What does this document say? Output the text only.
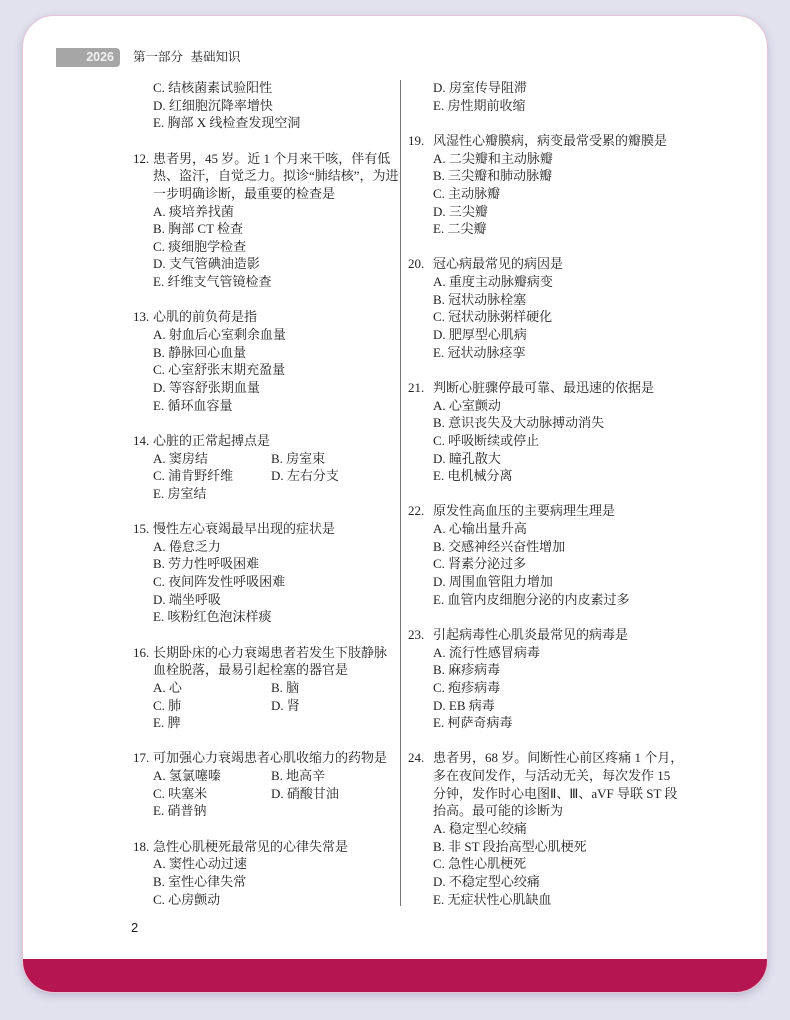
2026	第一部分 基础知识
C. 结核菌素试验阳性
D. 红细胞沉降率增快
E. 胸部 X 线检查发现空洞
12. 患者男，45 岁。近 1 个月来干咳，伴有低
热、盗汗，自觉乏力。拟诊“肺结核”，为进
一步明确诊断，最重要的检查是
A. 痰培养找菌
B. 胸部 CT 检查
C. 痰细胞学检查
D. 支气管碘油造影
E. 纤维支气管镜检查
13. 心肌的前负荷是指
A. 射血后心室剩余血量
B. 静脉回心血量
C. 心室舒张末期充盈量
D. 等容舒张期血量
E. 循环血容量
14. 心脏的正常起搏点是
A. 窦房结	B. 房室束
C. 浦肯野纤维	D. 左右分支
E. 房室结
15. 慢性左心衰竭最早出现的症状是
A. 倦怠乏力
B. 劳力性呼吸困难
C. 夜间阵发性呼吸困难
D. 端坐呼吸
E. 咳粉红色泡沫样痰
16. 长期卧床的心力衰竭患者若发生下肢静脉
血栓脱落，最易引起栓塞的器官是
A. 心	B. 脑
C. 肺	D. 肾
E. 脾
17. 可加强心力衰竭患者心肌收缩力的药物是
A. 氢氯噻嗪	B. 地高辛
C. 呋塞米	D. 硝酸甘油
E. 硝普钠
18. 急性心肌梗死最常见的心律失常是
A. 窦性心动过速
B. 室性心律失常
C. 心房颤动
D. 房室传导阻滞
E. 房性期前收缩
19. 风湿性心瓣膜病，病变最常受累的瓣膜是
A. 二尖瓣和主动脉瓣
B. 三尖瓣和肺动脉瓣
C. 主动脉瓣
D. 三尖瓣
E. 二尖瓣
20. 冠心病最常见的病因是
A. 重度主动脉瓣病变
B. 冠状动脉栓塞
C. 冠状动脉粥样硬化
D. 肥厚型心肌病
E. 冠状动脉痉挛
21. 判断心脏骤停最可靠、最迅速的依据是
A. 心室颤动
B. 意识丧失及大动脉搏动消失
C. 呼吸断续或停止
D. 瞳孔散大
E. 电机械分离
22. 原发性高血压的主要病理生理是
A. 心输出量升高
B. 交感神经兴奋性增加
C. 肾素分泌过多
D. 周围血管阻力增加
E. 血管内皮细胞分泌的内皮素过多
23. 引起病毒性心肌炎最常见的病毒是
A. 流行性感冒病毒
B. 麻疹病毒
C. 疱疹病毒
D. EB 病毒
E. 柯萨奇病毒
24. 患者男，68 岁。间断性心前区疼痛 1 个月，
多在夜间发作，与活动无关，每次发作 15
分钟，发作时心电图Ⅱ、Ⅲ、aVF 导联 ST 段
抬高。最可能的诊断为
A. 稳定型心绞痛
B. 非 ST 段抬高型心肌梗死
C. 急性心肌梗死
D. 不稳定型心绞痛
E. 无症状性心肌缺血
2
